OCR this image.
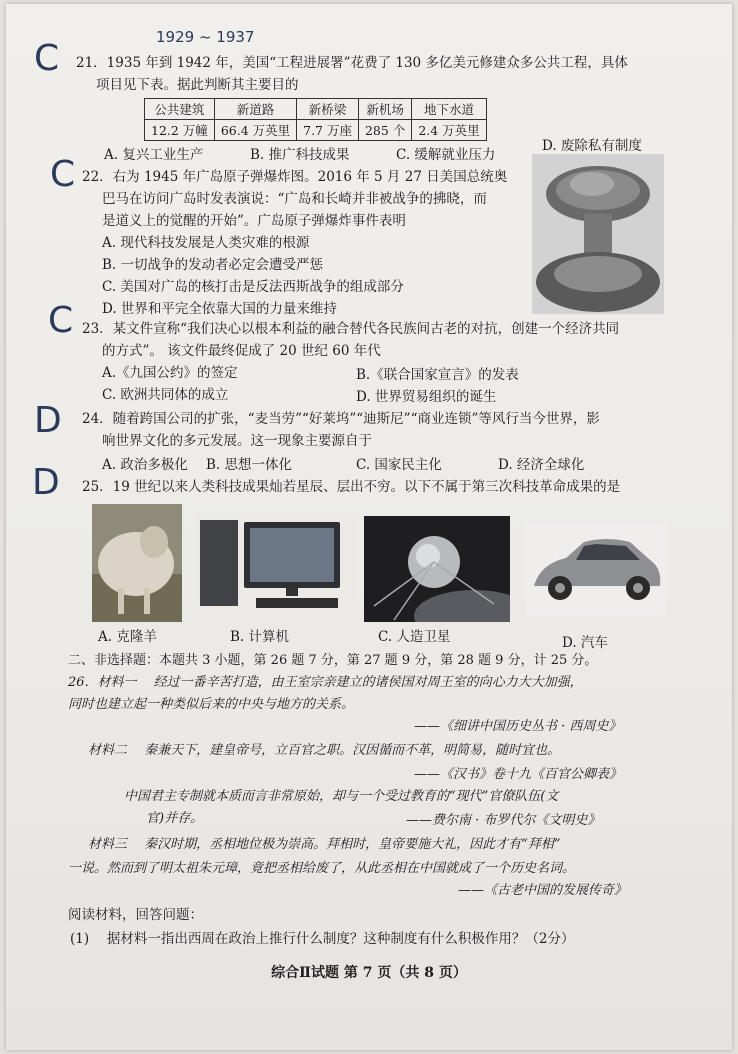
1929 ~ 1937
C
C
C
D
D
21．1935 年到 1942 年，美国“工程进展署”花费了 130 多亿美元修建众多公共工程，具体
项目见下表。据此判断其主要目的
公共建筑	新道路	新桥梁	新机场	地下水道
12.2 万幢	66.4 万英里	7.7 万座	285 个	2.4 万英里
A. 复兴工业生产	B. 推广科技成果	C. 缓解就业压力
D. 废除私有制度
22．右为 1945 年广岛原子弹爆炸图。2016 年 5 月 27 日美国总统奥
巴马在访问广岛时发表演说：“广岛和长崎并非被战争的拂晓，而
是道义上的觉醒的开始”。广岛原子弹爆炸事件表明
A. 现代科技发展是人类灾难的根源
B. 一切战争的发动者必定会遭受严惩
C. 美国对广岛的核打击是反法西斯战争的组成部分
D. 世界和平完全依靠大国的力量来维持
23．某文件宣称“我们决心以根本利益的融合替代各民族间古老的对抗，创建一个经济共同
的方式”。 该文件最终促成了 20 世纪 60 年代
A.《九国公约》的签定	B.《联合国家宣言》的发表
C. 欧洲共同体的成立	D. 世界贸易组织的诞生
24．随着跨国公司的扩张，“麦当劳”“好莱坞”“迪斯尼”“商业连锁”等风行当今世界，影
响世界文化的多元发展。这一现象主要源自于
A. 政治多极化 B. 思想一体化	C. 国家民主化	D. 经济全球化
25．19 世纪以来人类科技成果灿若星辰、层出不穷。以下不属于第三次科技革命成果的是
A. 克隆羊	B. 计算机	C. 人造卫星	D. 汽车
二、非选择题：本题共 3 小题，第 26 题 7 分，第 27 题 9 分，第 28 题 9 分，计 25 分。
26．材料一　 经过一番辛苦打造，由王室宗亲建立的诸侯国对周王室的向心力大大加强，
同时也建立起一种类似后来的中央与地方的关系。
——《细讲中国历史丛书 · 西周史》
材料二　 秦兼天下，建皇帝号，立百官之职。汉因循而不革，明简易，随时宜也。
——《汉书》卷十九《百官公卿表》
中国君主专制就本质而言非常原始，却与一个受过教育的“现代”官僚队伍(文
官)并存。	——费尔南 · 布罗代尔《文明史》
材料三　 秦汉时期，丞相地位极为崇高。拜相时，皇帝要施大礼，因此才有“拜相”
一说。然而到了明太祖朱元璋，竟把丞相给废了，从此丞相在中国就成了一个历史名词。
——《古老中国的发展传奇》
阅读材料，回答问题：
(1)　 据材料一指出西周在政治上推行什么制度？这种制度有什么积极作用？（2分）
综合Ⅱ试题 第 7 页（共 8 页）
